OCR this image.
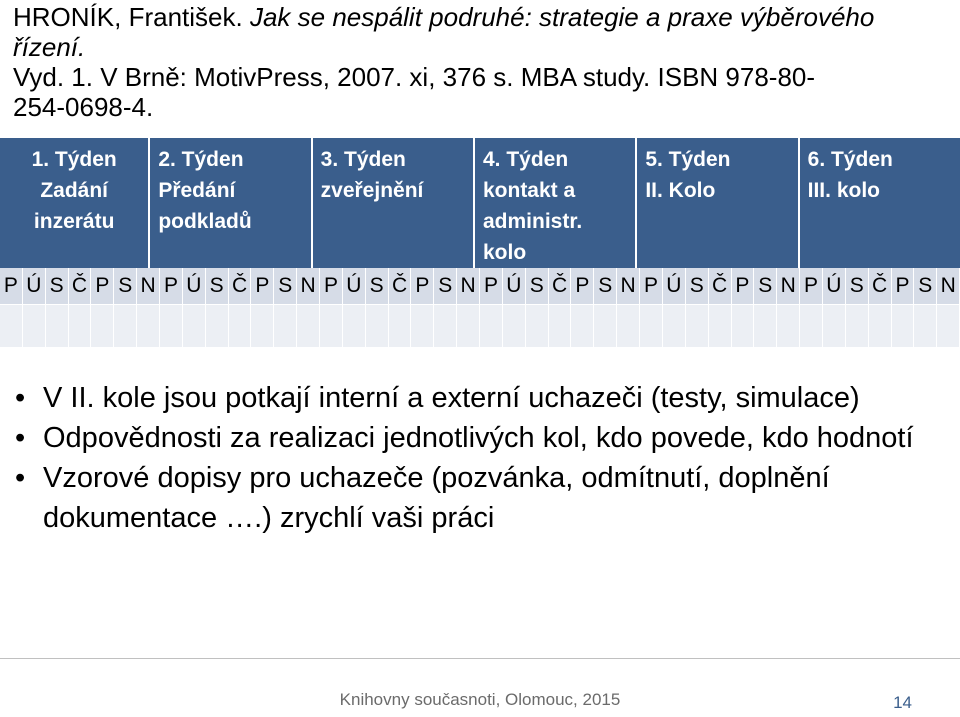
HRONÍK, František. Jak se nespálit podruhé: strategie a praxe výběrového řízení.
Vyd. 1. V Brně: MotivPress, 2007. xi, 376 s. MBA study. ISBN 978-80-
254-0698-4.
1. Týden
Zadání
inzerátu
2. Týden
Předání
podkladů
3. Týden
zveřejnění
4. Týden
kontakt a
administr.
kolo
5. Týden
II. Kolo
6. Týden
III. kolo
P Ú S Č P S N P Ú S Č P S N P Ú S Č P S N P Ú S Č P S N P Ú S Č P S N P Ú S Č P S N
• V II. kole jsou potkají interní a externí uchazeči (testy, simulace)
• Odpovědnosti za realizaci jednotlivých kol, kdo povede, kdo hodnotí
• Vzorové dopisy pro uchazeče (pozvánka, odmítnutí, doplnění dokumentace ….) zrychlí vaši práci
Knihovny současnoti, Olomouc, 2015	14
